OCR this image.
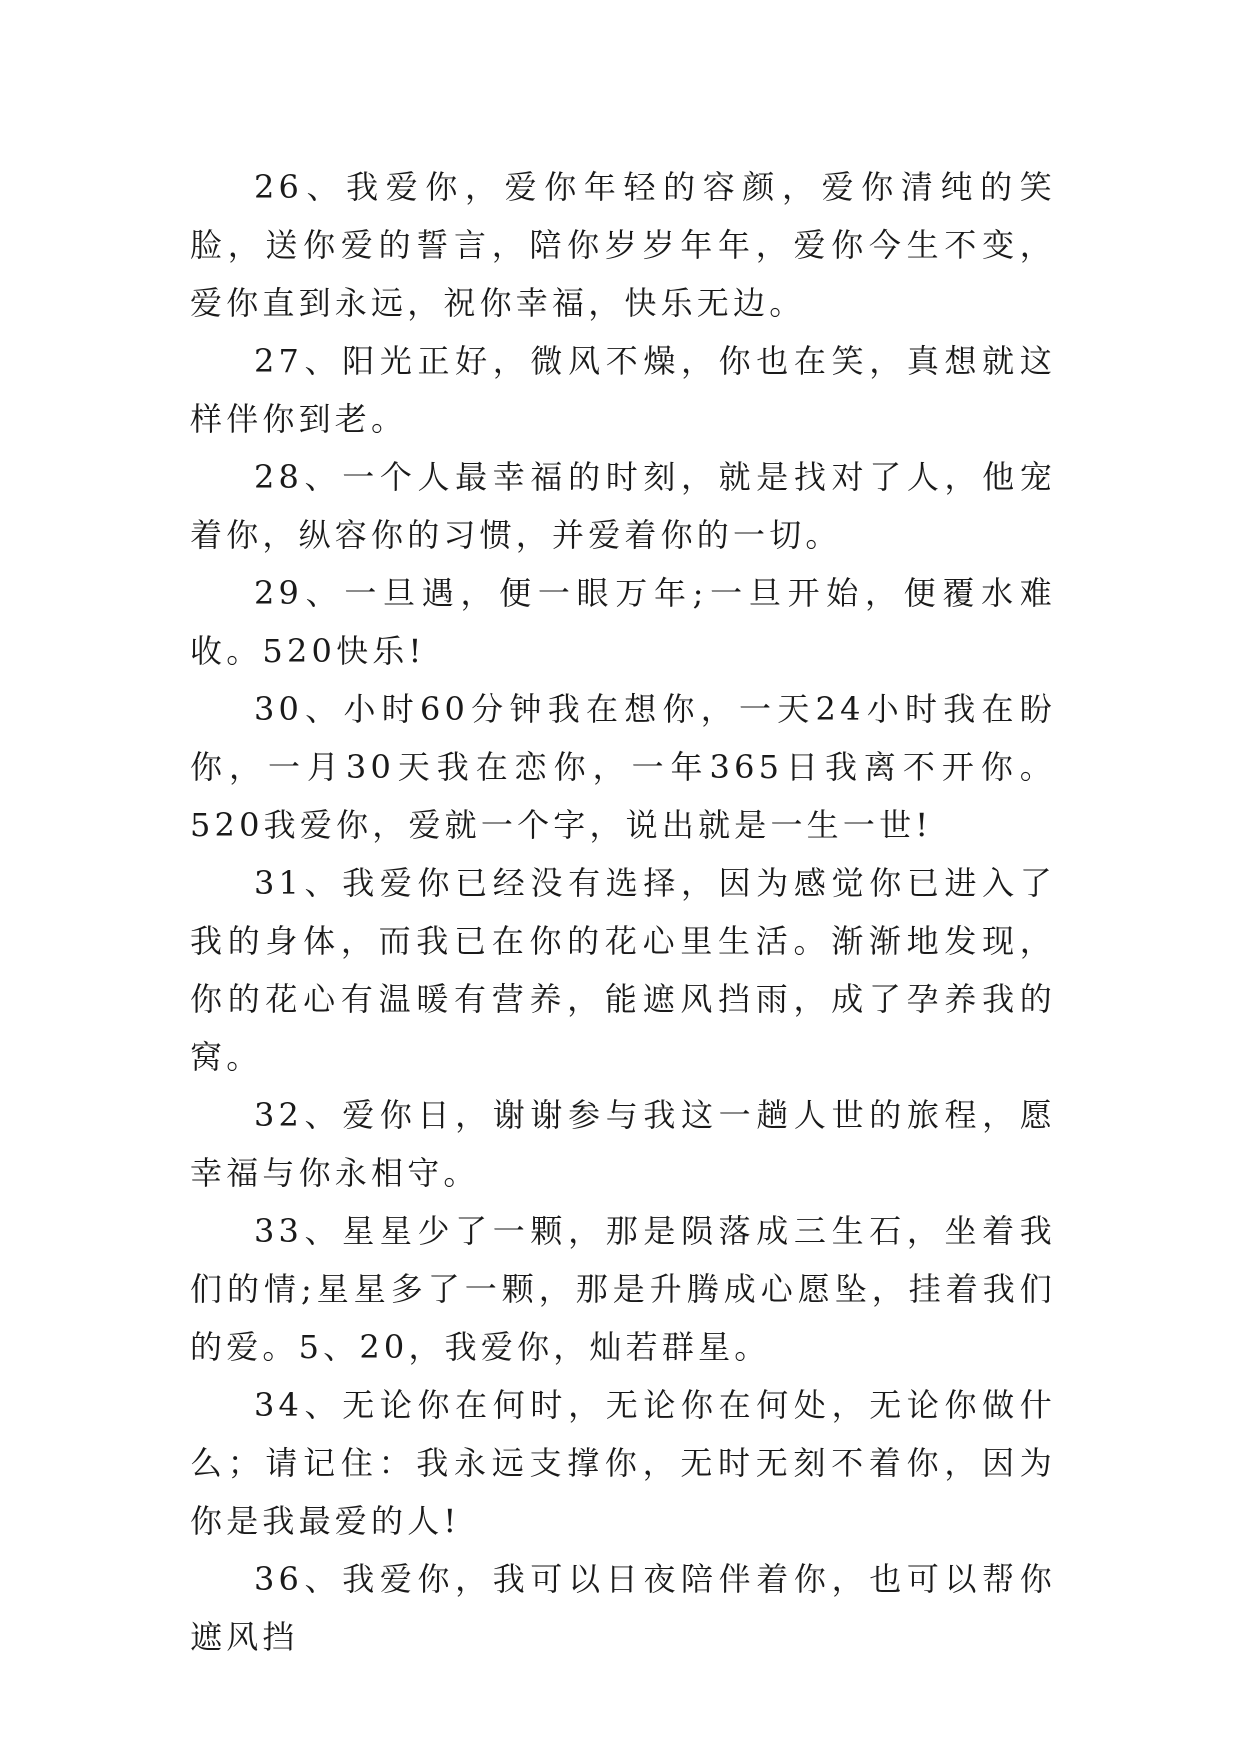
26、我爱你，爱你年轻的容颜，爱你清纯的笑脸，送你爱的誓言，陪你岁岁年年，爱你今生不变，爱你直到永远，祝你幸福，快乐无边。

27、阳光正好，微风不燥，你也在笑，真想就这样伴你到老。

28、一个人最幸福的时刻，就是找对了人，他宠着你，纵容你的习惯，并爱着你的一切。

29、一旦遇，便一眼万年;一旦开始，便覆水难收。520快乐!

30、小时60分钟我在想你，一天24小时我在盼你，一月30天我在恋你，一年365日我离不开你。520我爱你，爱就一个字，说出就是一生一世!

31、我爱你已经没有选择，因为感觉你已进入了我的身体，而我已在你的花心里生活。渐渐地发现，你的花心有温暖有营养，能遮风挡雨，成了孕养我的窝。

32、爱你日，谢谢参与我这一趟人世的旅程，愿幸福与你永相守。

33、星星少了一颗，那是陨落成三生石，坐着我们的情;星星多了一颗，那是升腾成心愿坠，挂着我们的爱。5、20，我爱你，灿若群星。

34、无论你在何时，无论你在何处，无论你做什么；请记住：我永远支撑你，无时无刻不着你，因为你是我最爱的人!

36、我爱你，我可以日夜陪伴着你，也可以帮你遮风挡
